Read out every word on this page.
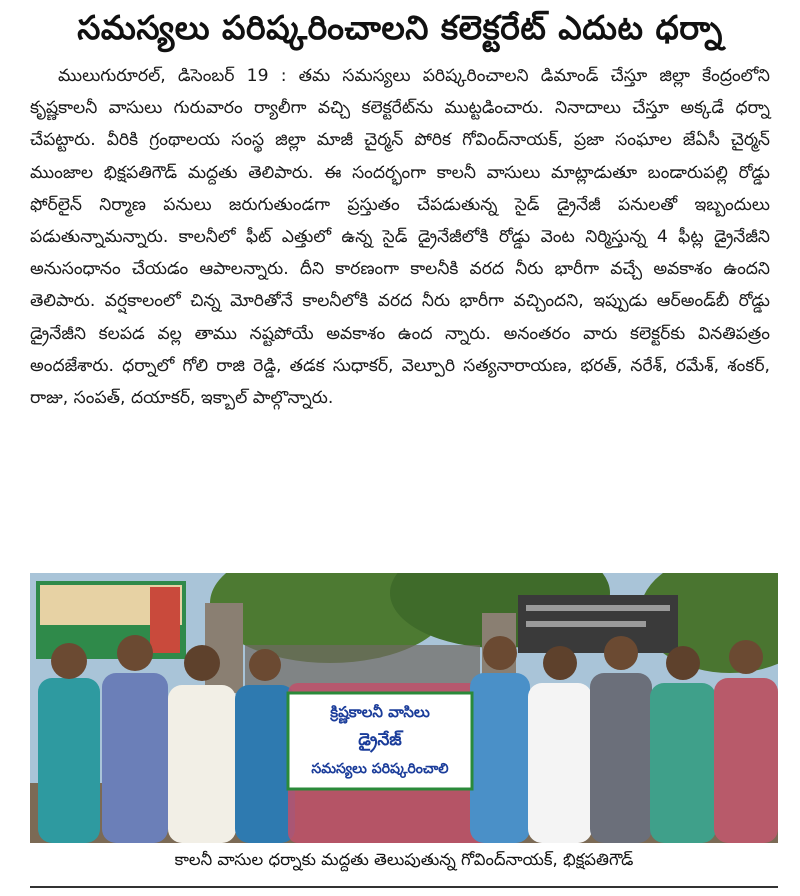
సమస్యలు పరిష్కరించాలని కలెక్టరేట్ ఎదుట ధర్నా
ములుగురూరల్, డిసెంబర్ 19 : తమ సమస్యలు పరిష్కరించాలని డిమాండ్ చేస్తూ జిల్లా కేంద్రంలోని కృష్ణకాలనీ వాసులు గురువారం ర్యాలీగా వచ్చి కలెక్టరేట్‌ను ముట్టడించారు. నినాదాలు చేస్తూ అక్కడే ధర్నా చేపట్టారు. వీరికి గ్రంథాలయ సంస్థ జిల్లా మాజీ చైర్మన్ పోరిక గోవింద్‌నాయక్, ప్రజా సంఘాల జేఏసీ చైర్మన్ ముంజాల భిక్షపతిగౌడ్ మద్దతు తెలిపారు. ఈ సందర్భంగా కాలనీ వాసులు మాట్లాడుతూ బండారుపల్లి రోడ్డు ఫోర్‌లైన్ నిర్మాణ పనులు జరుగుతుండగా ప్రస్తుతం చేపడుతున్న సైడ్ డ్రైనేజీ పనులతో ఇబ్బందులు పడుతున్నామన్నారు. కాలనీలో ఫీట్ ఎత్తులో ఉన్న సైడ్ డ్రైనేజీలోకి రోడ్డు వెంట నిర్మిస్తున్న 4 ఫీట్ల డ్రైనేజీని అనుసంధానం చేయడం ఆపాలన్నారు. దీని కారణంగా కాలనీకి వరద నీరు భారీగా వచ్చే అవకాశం ఉందని తెలిపారు. వర్షకాలంలో చిన్న మోరితోనే కాలనీలోకి వరద నీరు భారీగా వచ్చిందని, ఇప్పుడు ఆర్అండ్‌బీ రోడ్డు డ్రైనేజీని కలపడ వల్ల తాము నష్టపోయే అవకాశం ఉంద న్నారు. అనంతరం వారు కలెక్టర్‌కు వినతిపత్రం అందజేశారు. ధర్నాలో గోలి రాజి రెడ్డి, తడక సుధాకర్, వెల్పూరి సత్యనారాయణ, భరత్, నరేశ్, రమేశ్, శంకర్, రాజు, సంపత్, దయాకర్, ఇక్బాల్ పాల్గొన్నారు.
క్రిష్ణకాలనీ వాసిలు
డ్రైనేజ్
సమస్యలు పరిష్కరించాలి
కాలనీ వాసుల ధర్నాకు మద్దతు తెలుపుతున్న గోవింద్‌నాయక్, భిక్షపతిగౌడ్
